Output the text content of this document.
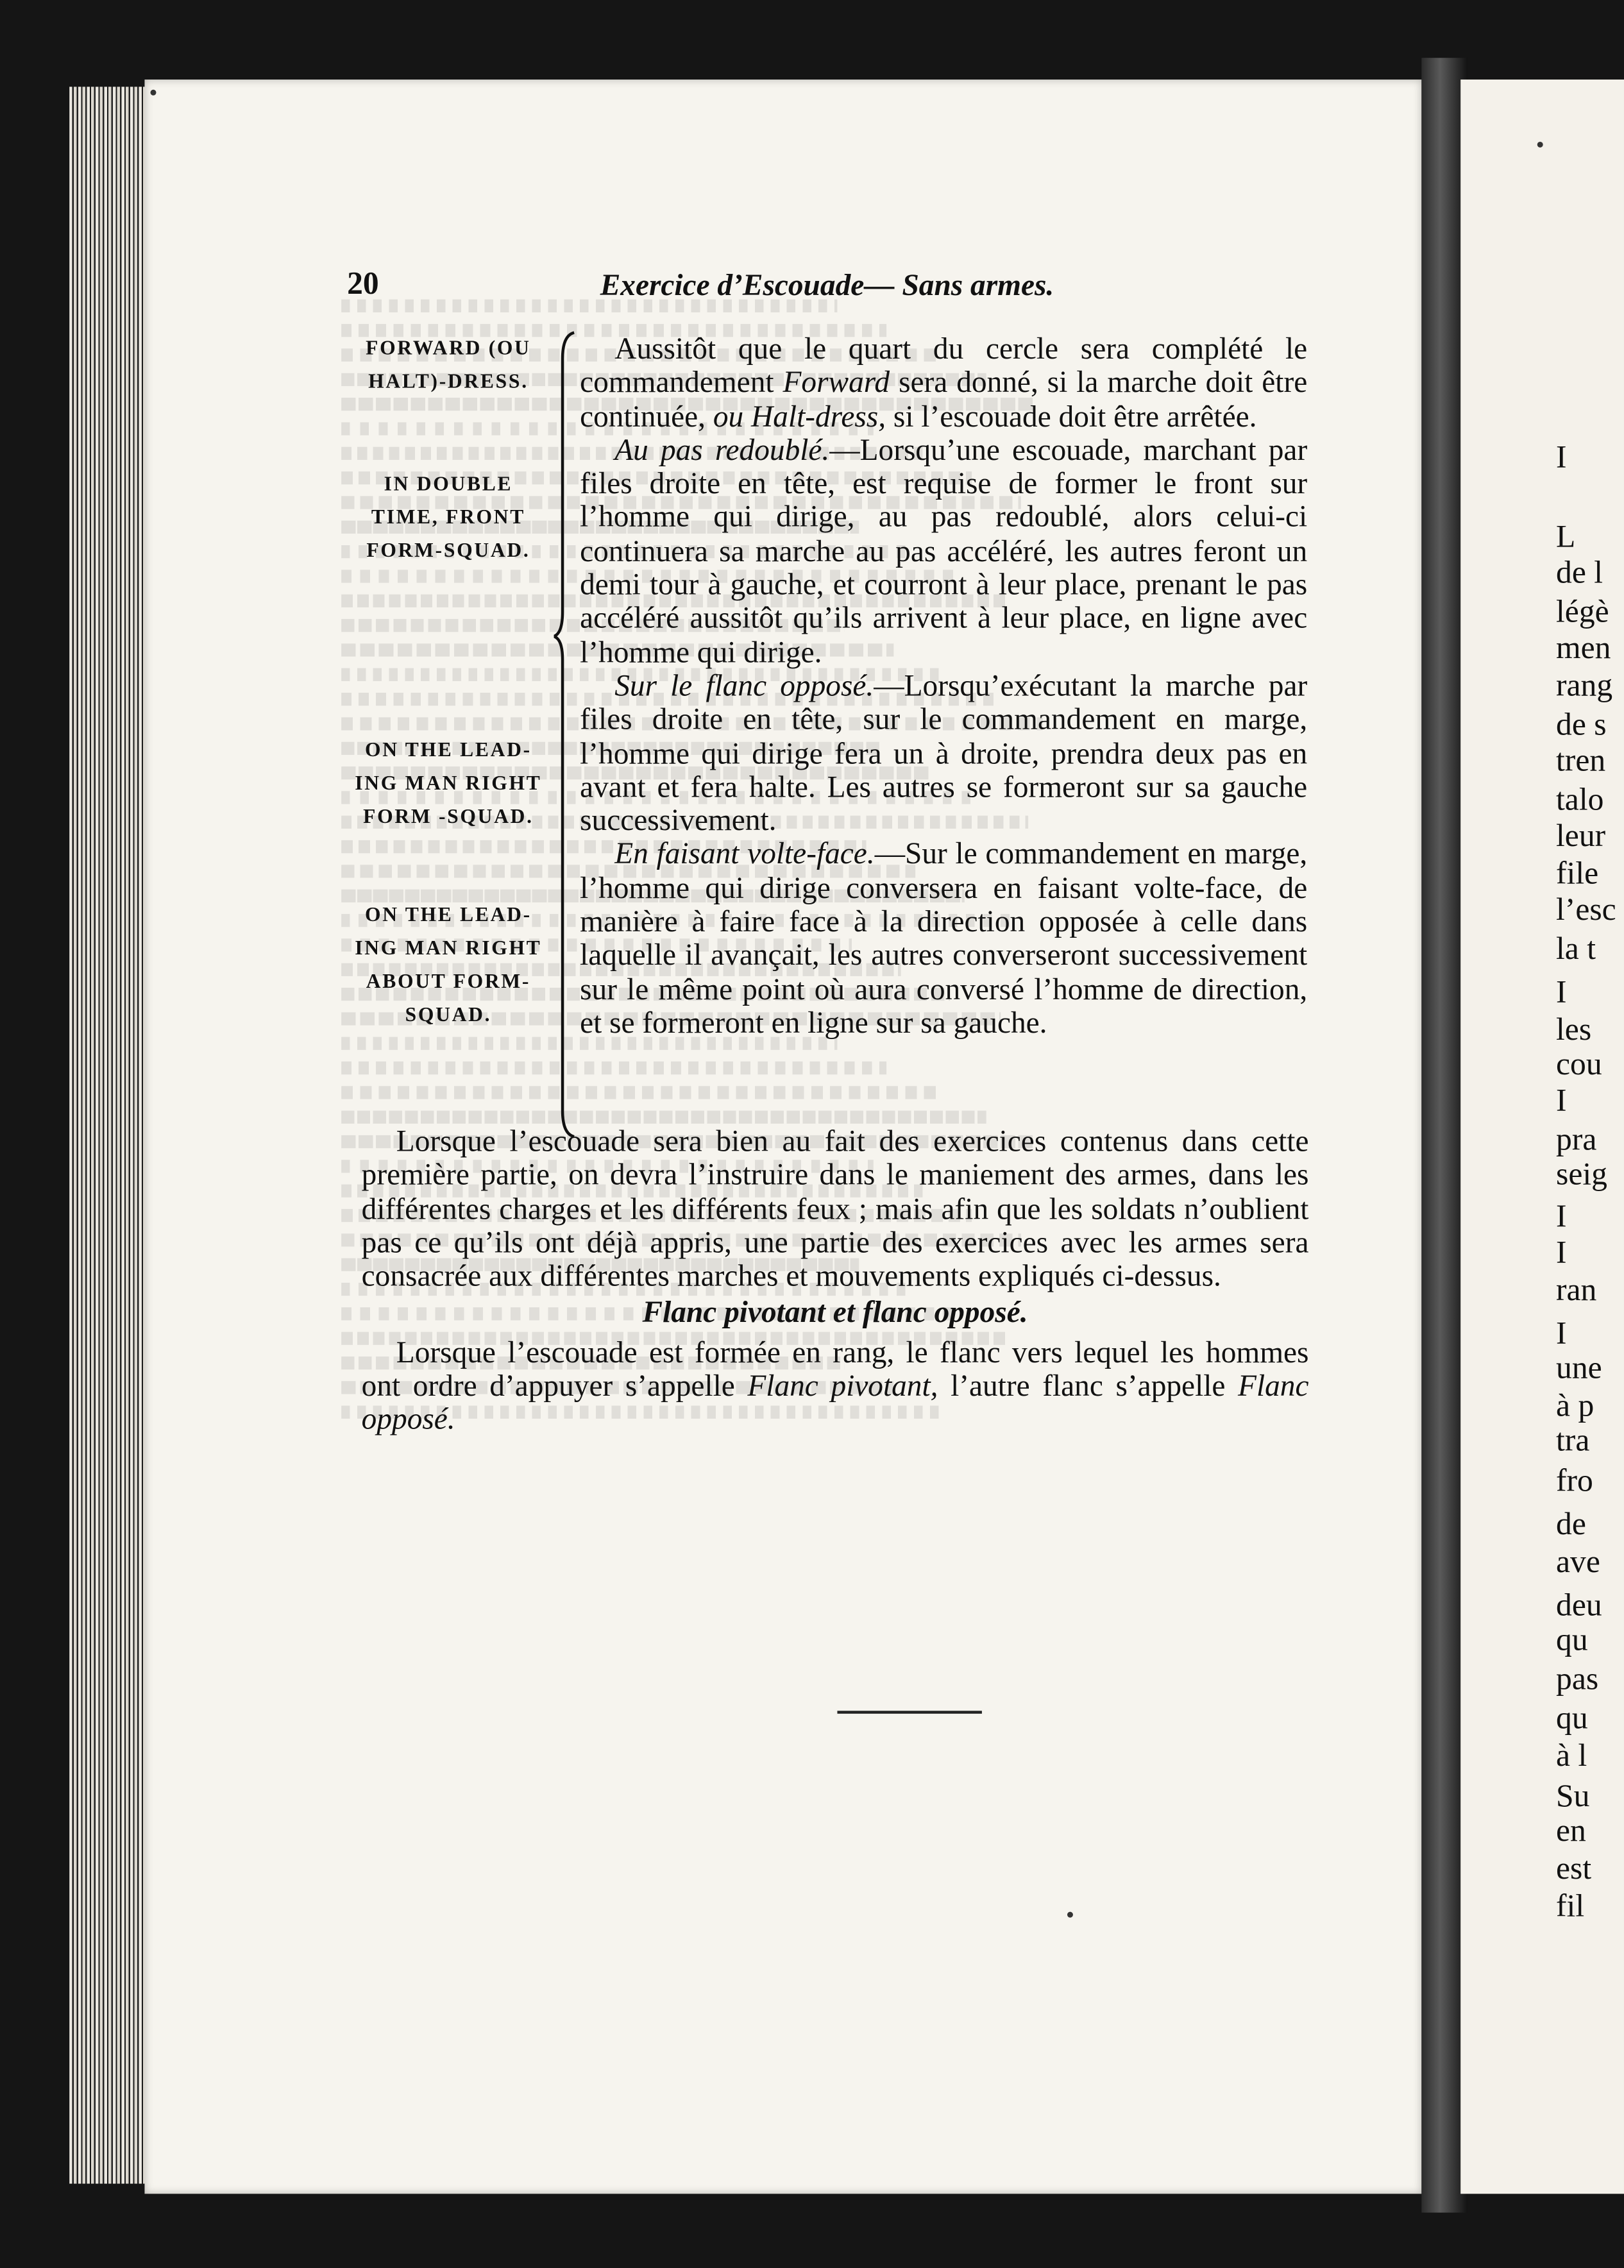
20	Exercice d’Escouade— Sans armes.
FORWARD (OU HALT)-DRESS.
IN DOUBLE TIME, FRONT FORM-SQUAD.
ON THE LEAD-ING MAN RIGHT FORM -SQUAD.
ON THE LEAD-ING MAN RIGHT ABOUT FORM-SQUAD.

Aussitôt que le quart du cercle sera complété le commandement Forward sera donné, si la marche doit être continuée, ou Halt-dress, si l’escouade doit être arrêtée.

Au pas redoublé.—Lorsqu’une escouade, marchant par files droite en tête, est requise de former le front sur l’homme qui dirige, au pas redoublé, alors celui-ci continuera sa marche au pas accéléré, les autres feront un demi tour à gauche, et courront à leur place, prenant le pas accéléré aussitôt qu’ils arrivent à leur place, en ligne avec l’homme qui dirige.

Sur le flanc opposé.—Lorsqu’exécutant la marche par files droite en tête, sur le commandement en marge, l’homme qui dirige fera un à droite, prendra deux pas en avant et fera halte. Les autres se formeront sur sa gauche successivement.

En faisant volte-face.—Sur le commandement en marge, l’homme qui dirige conversera en faisant volte-face, de manière à faire face à la direction opposée à celle dans laquelle il avançait, les autres converseront successivement sur le même point où aura conversé l’homme de direction, et se formeront en ligne sur sa gauche.

Lorsque l’escouade sera bien au fait des exercices contenus dans cette première partie, on devra l’instruire dans le maniement des armes, dans les différentes charges et les différents feux ; mais afin que les soldats n’oublient pas ce qu’ils ont déjà appris, une partie des exercices avec les armes sera consacrée aux différentes marches et mouvements expliqués ci-dessus.

Flanc pivotant et flanc opposé.

Lorsque l’escouade est formée en rang, le flanc vers lequel les hommes ont ordre d’appuyer s’appelle Flanc pivotant, l’autre flanc s’appelle Flanc opposé.

I
L
de l
légè
men
rang
de s
tren
talo
leur
file
l’esc
la t
I
les
cou
I
pra
seig
I
I
ran
I
une
à p
tra
fro
de
ave
deu
qu
pas
qu
à l
Su
en
est
fil
